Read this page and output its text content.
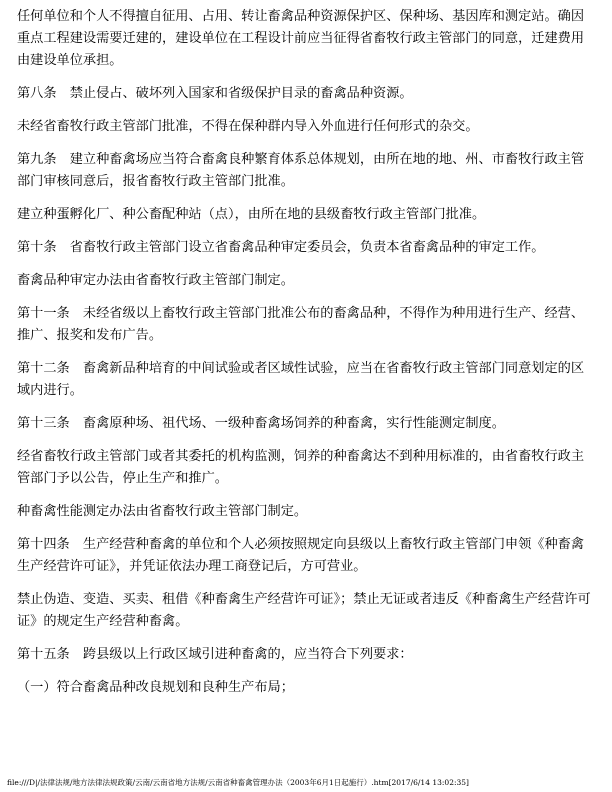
任何单位和个人不得擅自征用、占用、转让畜禽品种资源保护区、保种场、基因库和测定站。确因重点工程建设需要迁建的，建设单位在工程设计前应当征得省畜牧行政主管部门的同意，迁建费用由建设单位承担。

第八条　禁止侵占、破坏列入国家和省级保护目录的畜禽品种资源。

未经省畜牧行政主管部门批准，不得在保种群内导入外血进行任何形式的杂交。

第九条　建立种畜禽场应当符合畜禽良种繁育体系总体规划，由所在地的地、州、市畜牧行政主管部门审核同意后，报省畜牧行政主管部门批准。

建立种蛋孵化厂、种公畜配种站（点），由所在地的县级畜牧行政主管部门批准。

第十条　省畜牧行政主管部门设立省畜禽品种审定委员会，负责本省畜禽品种的审定工作。

畜禽品种审定办法由省畜牧行政主管部门制定。

第十一条　未经省级以上畜牧行政主管部门批准公布的畜禽品种，不得作为种用进行生产、经营、推广、报奖和发布广告。

第十二条　畜禽新品种培育的中间试验或者区域性试验，应当在省畜牧行政主管部门同意划定的区域内进行。

第十三条　畜禽原种场、祖代场、一级种畜禽场饲养的种畜禽，实行性能测定制度。

经省畜牧行政主管部门或者其委托的机构监测，饲养的种畜禽达不到种用标准的，由省畜牧行政主管部门予以公告，停止生产和推广。

种畜禽性能测定办法由省畜牧行政主管部门制定。

第十四条　生产经营种畜禽的单位和个人必须按照规定向县级以上畜牧行政主管部门申领《种畜禽生产经营许可证》，并凭证依法办理工商登记后，方可营业。

禁止伪造、变造、买卖、租借《种畜禽生产经营许可证》；禁止无证或者违反《种畜禽生产经营许可证》的规定生产经营种畜禽。

第十五条　跨县级以上行政区域引进种畜禽的，应当符合下列要求：

（一）符合畜禽品种改良规划和良种生产布局；

file:///D|/法律法规/地方法律法规政策/云南/云南省地方法规/云南省种畜禽管理办法（2003年6月1日起施行）.htm[2017/6/14 13:02:35]
